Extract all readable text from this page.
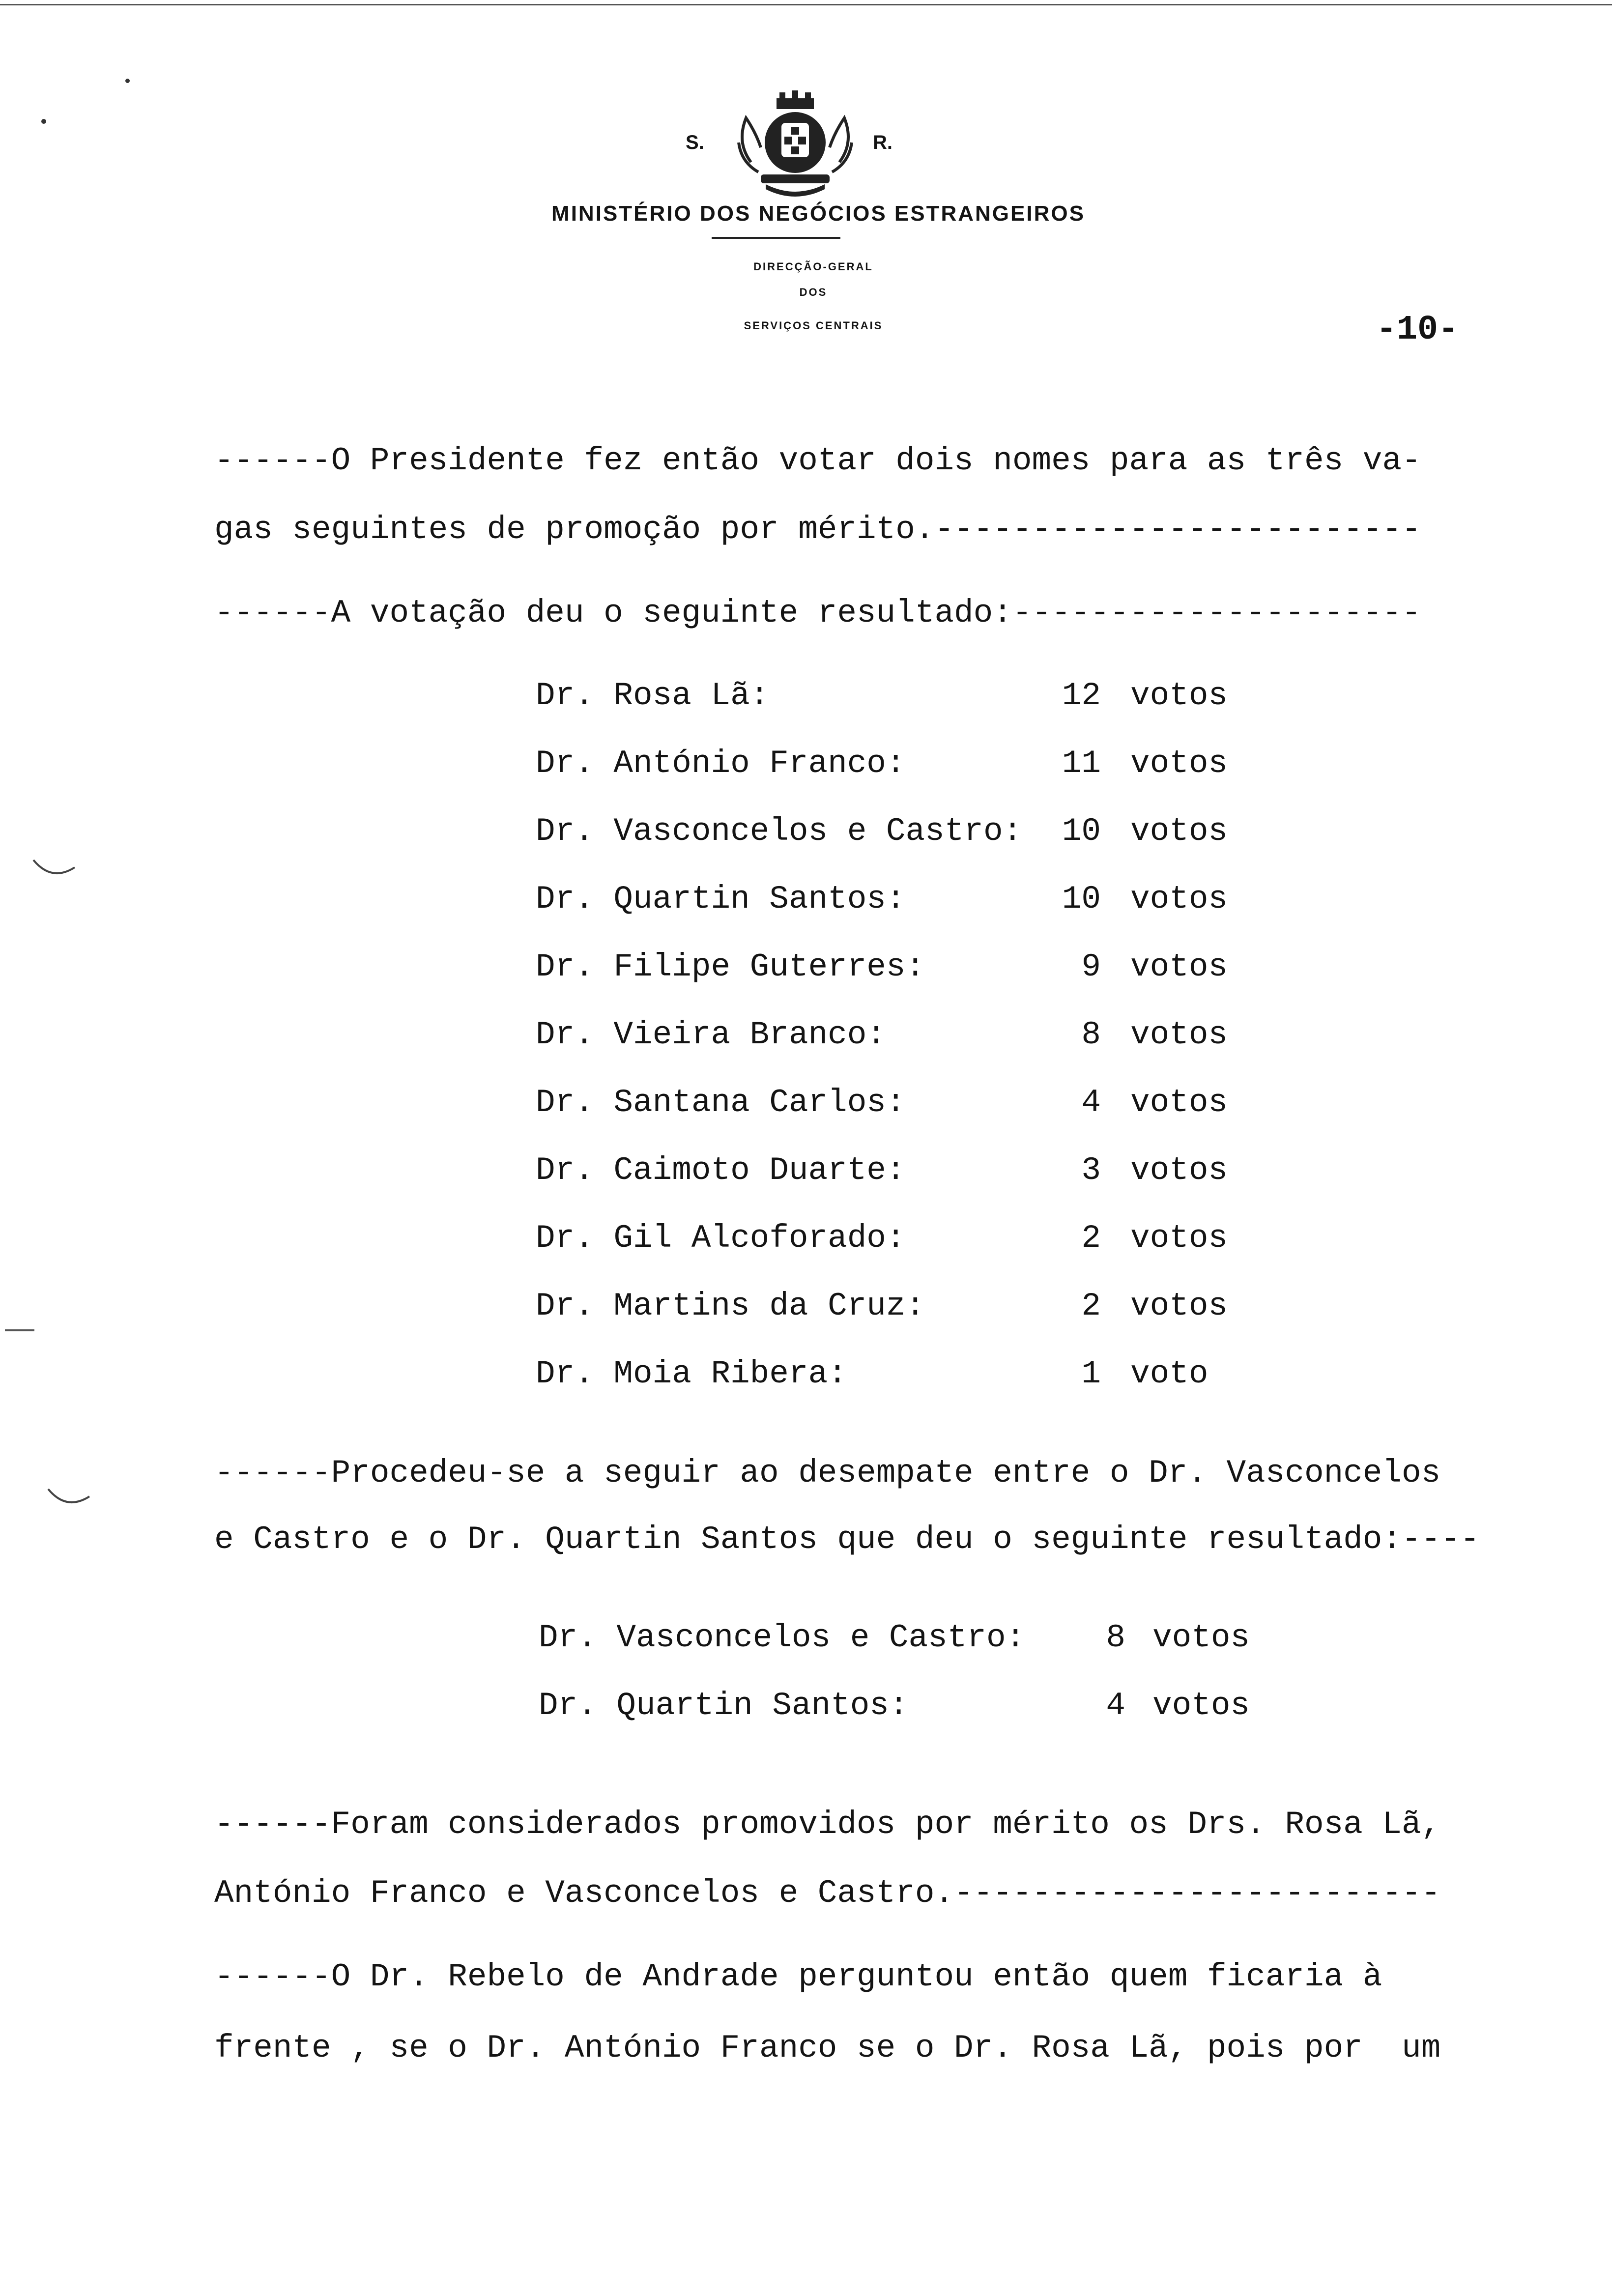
S.	R.
MINISTÉRIO DOS NEGÓCIOS ESTRANGEIROS
DIRECÇÃO-GERAL
DOS
SERVIÇOS CENTRAIS	-10-
------O Presidente fez então votar dois nomes para as três va-
gas seguintes de promoção por mérito.-------------------------
------A votação deu o seguinte resultado:---------------------
Dr. Rosa Lã:	12 votos
Dr. António Franco:	11 votos
Dr. Vasconcelos e Castro:	10 votos
Dr. Quartin Santos:	10 votos
Dr. Filipe Guterres:	9 votos
Dr. Vieira Branco:	8 votos
Dr. Santana Carlos:	4 votos
Dr. Caimoto Duarte:	3 votos
Dr. Gil Alcoforado:	2 votos
Dr. Martins da Cruz:	2 votos
Dr. Moia Ribera:	1 voto
------Procedeu-se a seguir ao desempate entre o Dr. Vasconcelos
e Castro e o Dr. Quartin Santos que deu o seguinte resultado:----
Dr. Vasconcelos e Castro:	8 votos
Dr. Quartin Santos:	4 votos
------Foram considerados promovidos por mérito os Drs. Rosa Lã,
António Franco e Vasconcelos e Castro.-------------------------
------O Dr. Rebelo de Andrade perguntou então quem ficaria à
frente , se o Dr. António Franco se o Dr. Rosa Lã, pois por  um
